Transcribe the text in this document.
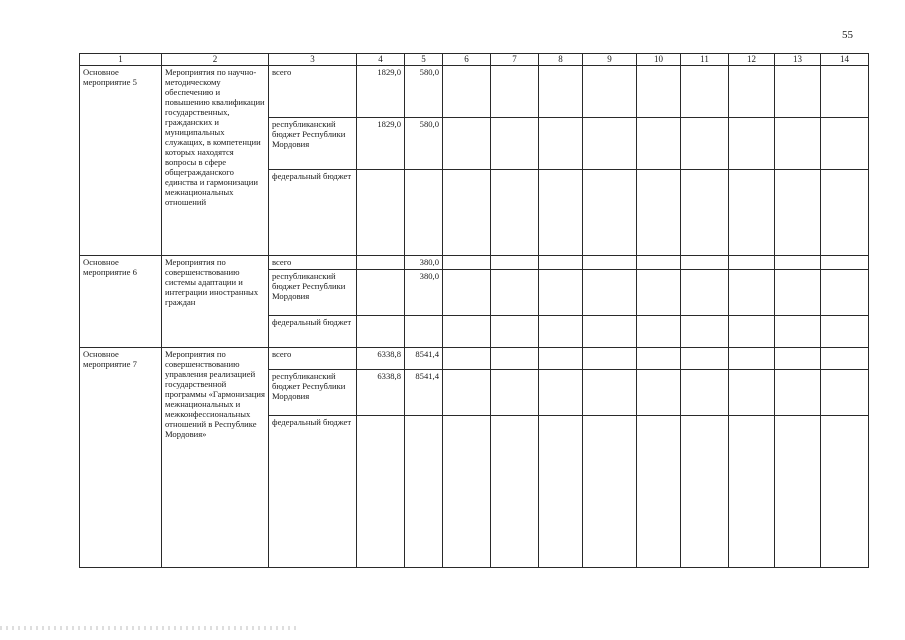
55
1	2	3	4	5	6	7	8	9	10	11	12	13	14
Основное мероприятие 5	Мероприятия по научно-методическому обеспечению и повышению квалификации государственных, гражданских и муниципальных служащих, в компетенции которых находятся вопросы в сфере общегражданского единства и гармонизации межнациональных отношений	всего	1829,0	580,0									
		республиканский бюджет Республики Мордовия	1829,0	580,0									
		федеральный бюджет											
Основное мероприятие 6	Мероприятия по совершенствованию системы адаптации и интеграции иностранных граждан	всего		380,0									
		республиканский бюджет Республики Мордовия		380,0									
		федеральный бюджет											
Основное мероприятие 7	Мероприятия по совершенствованию управления реализацией государственной программы «Гармонизация межнациональных и межконфессиональных отношений в Республике Мордовия»	всего	6338,8	8541,4									
		республиканский бюджет Республики Мордовия	6338,8	8541,4									
		федеральный бюджет											
